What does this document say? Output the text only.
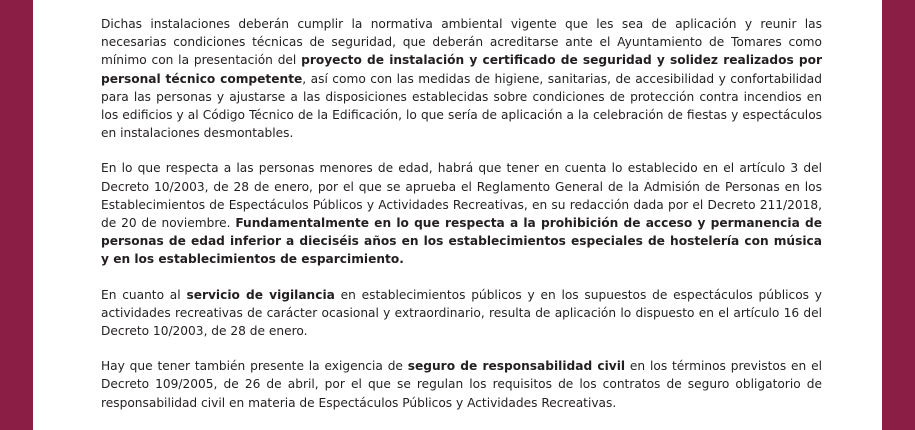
Dichas instalaciones deberán cumplir la normativa ambiental vigente que les sea de aplicación y reunir las necesarias condiciones técnicas de seguridad, que deberán acreditarse ante el Ayuntamiento de Tomares como mínimo con la presentación del proyecto de instalación y certificado de seguridad y solidez realizados por personal técnico competente, así como con las medidas de higiene, sanitarias, de accesibilidad y confortabilidad para las personas y ajustarse a las disposiciones establecidas sobre condiciones de protección contra incendios en los edificios y al Código Técnico de la Edificación, lo que sería de aplicación a la celebración de fiestas y espectáculos en instalaciones desmontables.

En lo que respecta a las personas menores de edad, habrá que tener en cuenta lo establecido en el artículo 3 del Decreto 10/2003, de 28 de enero, por el que se aprueba el Reglamento General de la Admisión de Personas en los Establecimientos de Espectáculos Públicos y Actividades Recreativas, en su redacción dada por el Decreto 211/2018, de 20 de noviembre. Fundamentalmente en lo que respecta a la prohibición de acceso y permanencia de personas de edad inferior a dieciséis años en los establecimientos especiales de hostelería con música y en los establecimientos de esparcimiento.

En cuanto al servicio de vigilancia en establecimientos públicos y en los supuestos de espectáculos públicos y actividades recreativas de carácter ocasional y extraordinario, resulta de aplicación lo dispuesto en el artículo 16 del Decreto 10/2003, de 28 de enero.

Hay que tener también presente la exigencia de seguro de responsabilidad civil en los términos previstos en el Decreto 109/2005, de 26 de abril, por el que se regulan los requisitos de los contratos de seguro obligatorio de responsabilidad civil en materia de Espectáculos Públicos y Actividades Recreativas.
